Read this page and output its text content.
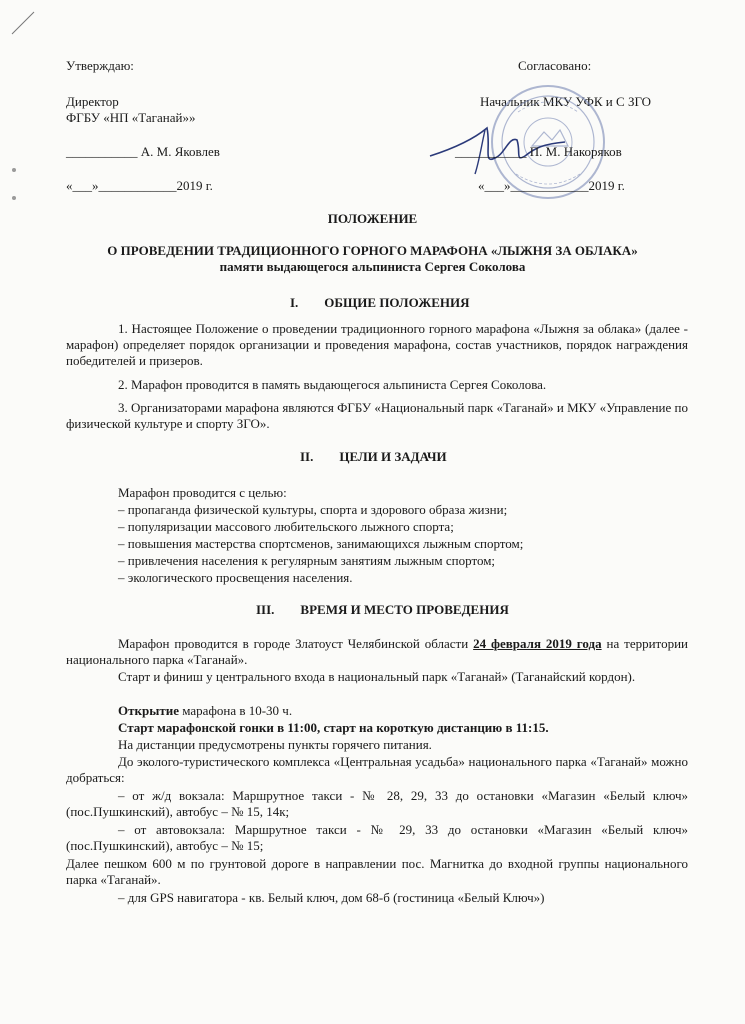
Утверждаю:
Директор
ФГБУ «НП «Таганай»»
___________ А. М. Яковлев
«___»____________2019 г.
Согласовано:
Начальник МКУ УФК и С ЗГО
___________ П. М. Накоряков
«___»____________2019 г.
ПОЛОЖЕНИЕ
О ПРОВЕДЕНИИ ТРАДИЦИОННОГО ГОРНОГО МАРАФОНА «ЛЫЖНЯ ЗА ОБЛАКА»
памяти выдающегося альпиниста Сергея Соколова
I.        ОБЩИЕ ПОЛОЖЕНИЯ
1. Настоящее Положение о проведении традиционного горного марафона «Лыжня за облака» (далее - марафон) определяет порядок организации и проведения марафона, состав участников, порядок награждения победителей и призеров.
2. Марафон проводится в память выдающегося альпиниста Сергея Соколова.
3. Организаторами марафона являются ФГБУ «Национальный парк «Таганай» и МКУ «Управление по физической культуре и спорту ЗГО».
II.        ЦЕЛИ И ЗАДАЧИ
Марафон проводится с целью:
– пропаганда физической культуры, спорта и здорового образа жизни;
– популяризации массового любительского лыжного спорта;
– повышения мастерства спортсменов, занимающихся лыжным спортом;
– привлечения населения к регулярным занятиям лыжным спортом;
– экологического просвещения населения.
III.        ВРЕМЯ И МЕСТО ПРОВЕДЕНИЯ
Марафон проводится в городе Златоуст Челябинской области 24 февраля 2019 года на территории национального парка «Таганай».
Старт и финиш у центрального входа в национальный парк «Таганай» (Таганайский кордон).
Открытие марафона в 10-30 ч.
Старт марафонской гонки в 11:00, старт на короткую дистанцию в 11:15.
На дистанции предусмотрены пункты горячего питания.
До эколого-туристического комплекса «Центральная усадьба» национального парка «Таганай» можно добраться:
– от ж/д вокзала: Маршрутное такси - № 28, 29, 33 до остановки «Магазин «Белый ключ» (пос.Пушкинский), автобус – № 15, 14к;
– от автовокзала: Маршрутное такси - № 29, 33 до остановки «Магазин «Белый ключ» (пос.Пушкинский), автобус – № 15;
Далее пешком 600 м по грунтовой дороге в направлении пос. Магнитка до входной группы национального парка «Таганай».
– для GPS навигатора - кв. Белый ключ, дом 68-б (гостиница «Белый Ключ»)
